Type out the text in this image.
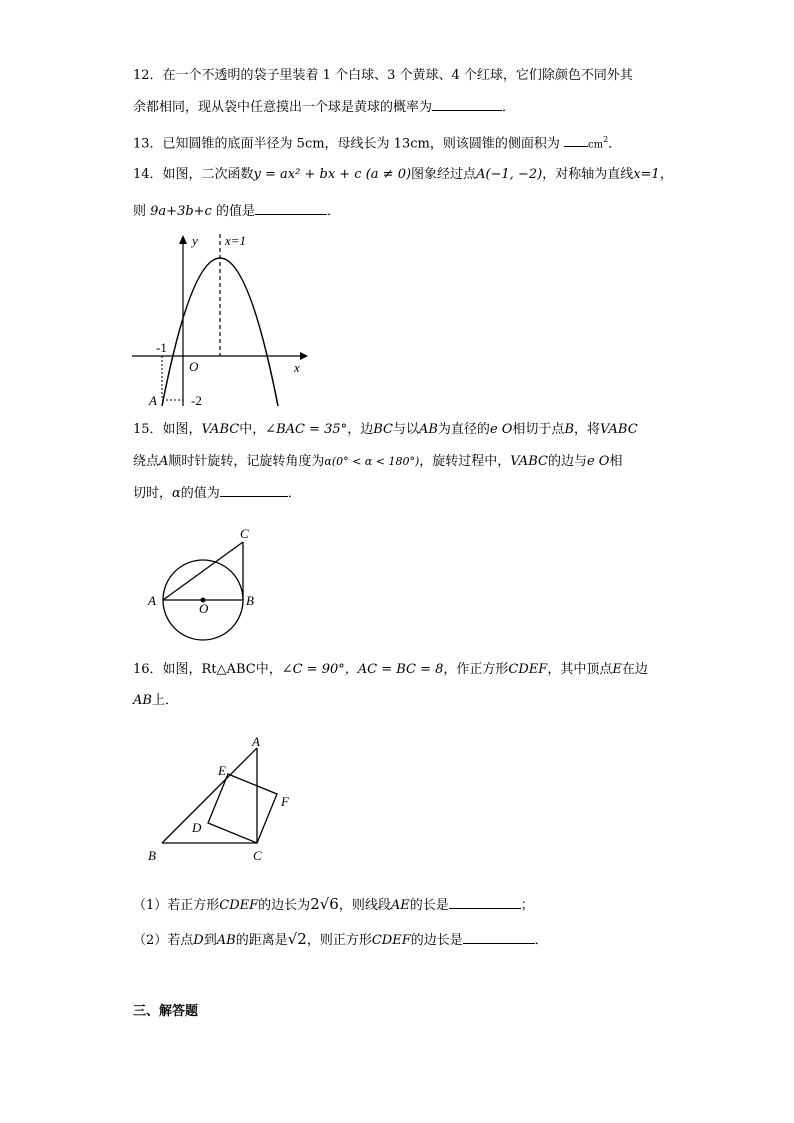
12．在一个不透明的袋子里装着 1 个白球、3 个黄球、4 个红球，它们除颜色不同外其
余都相同，现从袋中任意摸出一个球是黄球的概率为	．
13．已知圆锥的底面半径为 5cm，母线长为 13cm，则该圆锥的侧面积为	$cm^2$．
14．如图，二次函数y = ax² + bx + c (a ≠ 0)图象经过点A(−1, −2)，对称轴为直线x=1，
则 9a+3b+c 的值是	．
y x=1
-1
O	x
A	-2
15．如图，VABC中，∠BAC = 35°，边BC与以AB为直径的e O相切于点B，将VABC
绕点A顺时针旋转，记旋转角度为α(0° < α < 180°)，旋转过程中，VABC的边与e O相
切时，α的值为	．
C
A	B
O
16．如图，Rt△ABC中，∠C = 90°，AC = BC = 8，作正方形CDEF，其中顶点E在边
AB上．
A
E
F
D
B	C
（1）若正方形CDEF的边长为2√6，则线段AE的长是	；
（2）若点D到AB的距离是√2，则正方形CDEF的边长是	．
三、解答题
